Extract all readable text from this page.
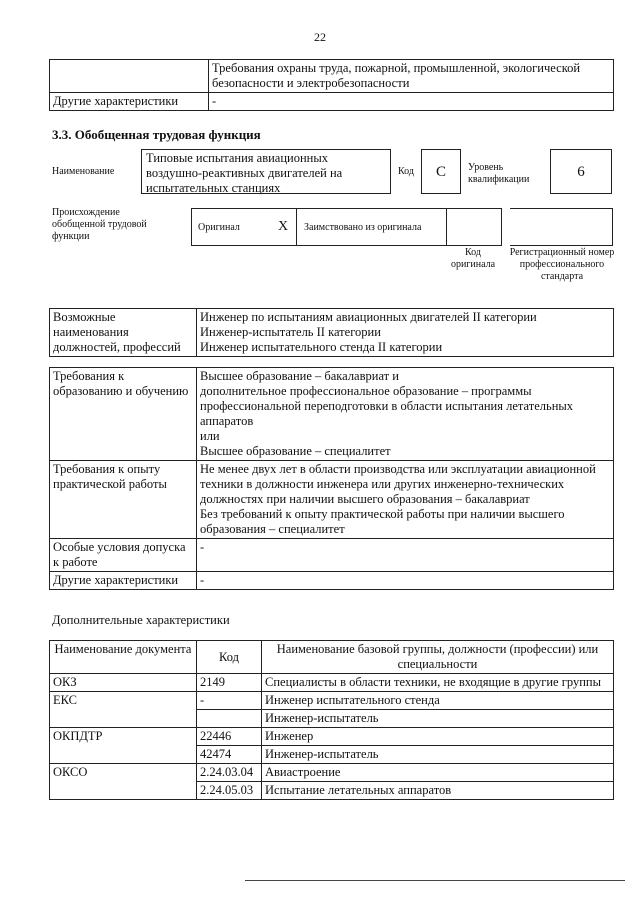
22
	Требования охраны труда, пожарной, промышленной, экологической безопасности и электробезопасности
Другие характеристики	-
3.3. Обобщенная трудовая функция
Наименование
Типовые испытания авиационных воздушно-реактивных двигателей на испытательных станциях
Код	C	Уровень квалификации	6
Происхождение обобщенной трудовой функции
Оригинал	X Заимствовано из оригинала
Код оригинала
Регистрационный номер профессионального стандарта
Возможные наименования должностей, профессий	
Инженер по испытаниям авиационных двигателей II категории
Инженер-испытатель II категории
Инженер испытательного стенда II категории
Требования к образованию и обучению	Высшее образование – бакалавриат и
дополнительное профессиональное образование – программы профессиональной переподготовки в области испытания летательных аппаратов
или
Высшее образование – специалитет

Требования к опыту практической работы	Не менее двух лет в области производства или эксплуатации авиационной техники в должности инженера или других инженерно-технических должностях при наличии высшего образования – бакалавриат
Без требований к опыту практической работы при наличии высшего образования – специалитет

Особые условия допуска к работе	-
Другие характеристики	-
Дополнительные характеристики
Наименование документа	Код	Наименование базовой группы, должности (профессии) или специальности
ОКЗ	2149	Специалисты в области техники, не входящие в другие группы
ЕКС	-	Инженер испытательного стенда
		Инженер-испытатель
ОКПДТР	22446	Инженер
	42474	Инженер-испытатель
ОКСО	2.24.03.04	Авиастроение
	2.24.05.03	Испытание летательных аппаратов
